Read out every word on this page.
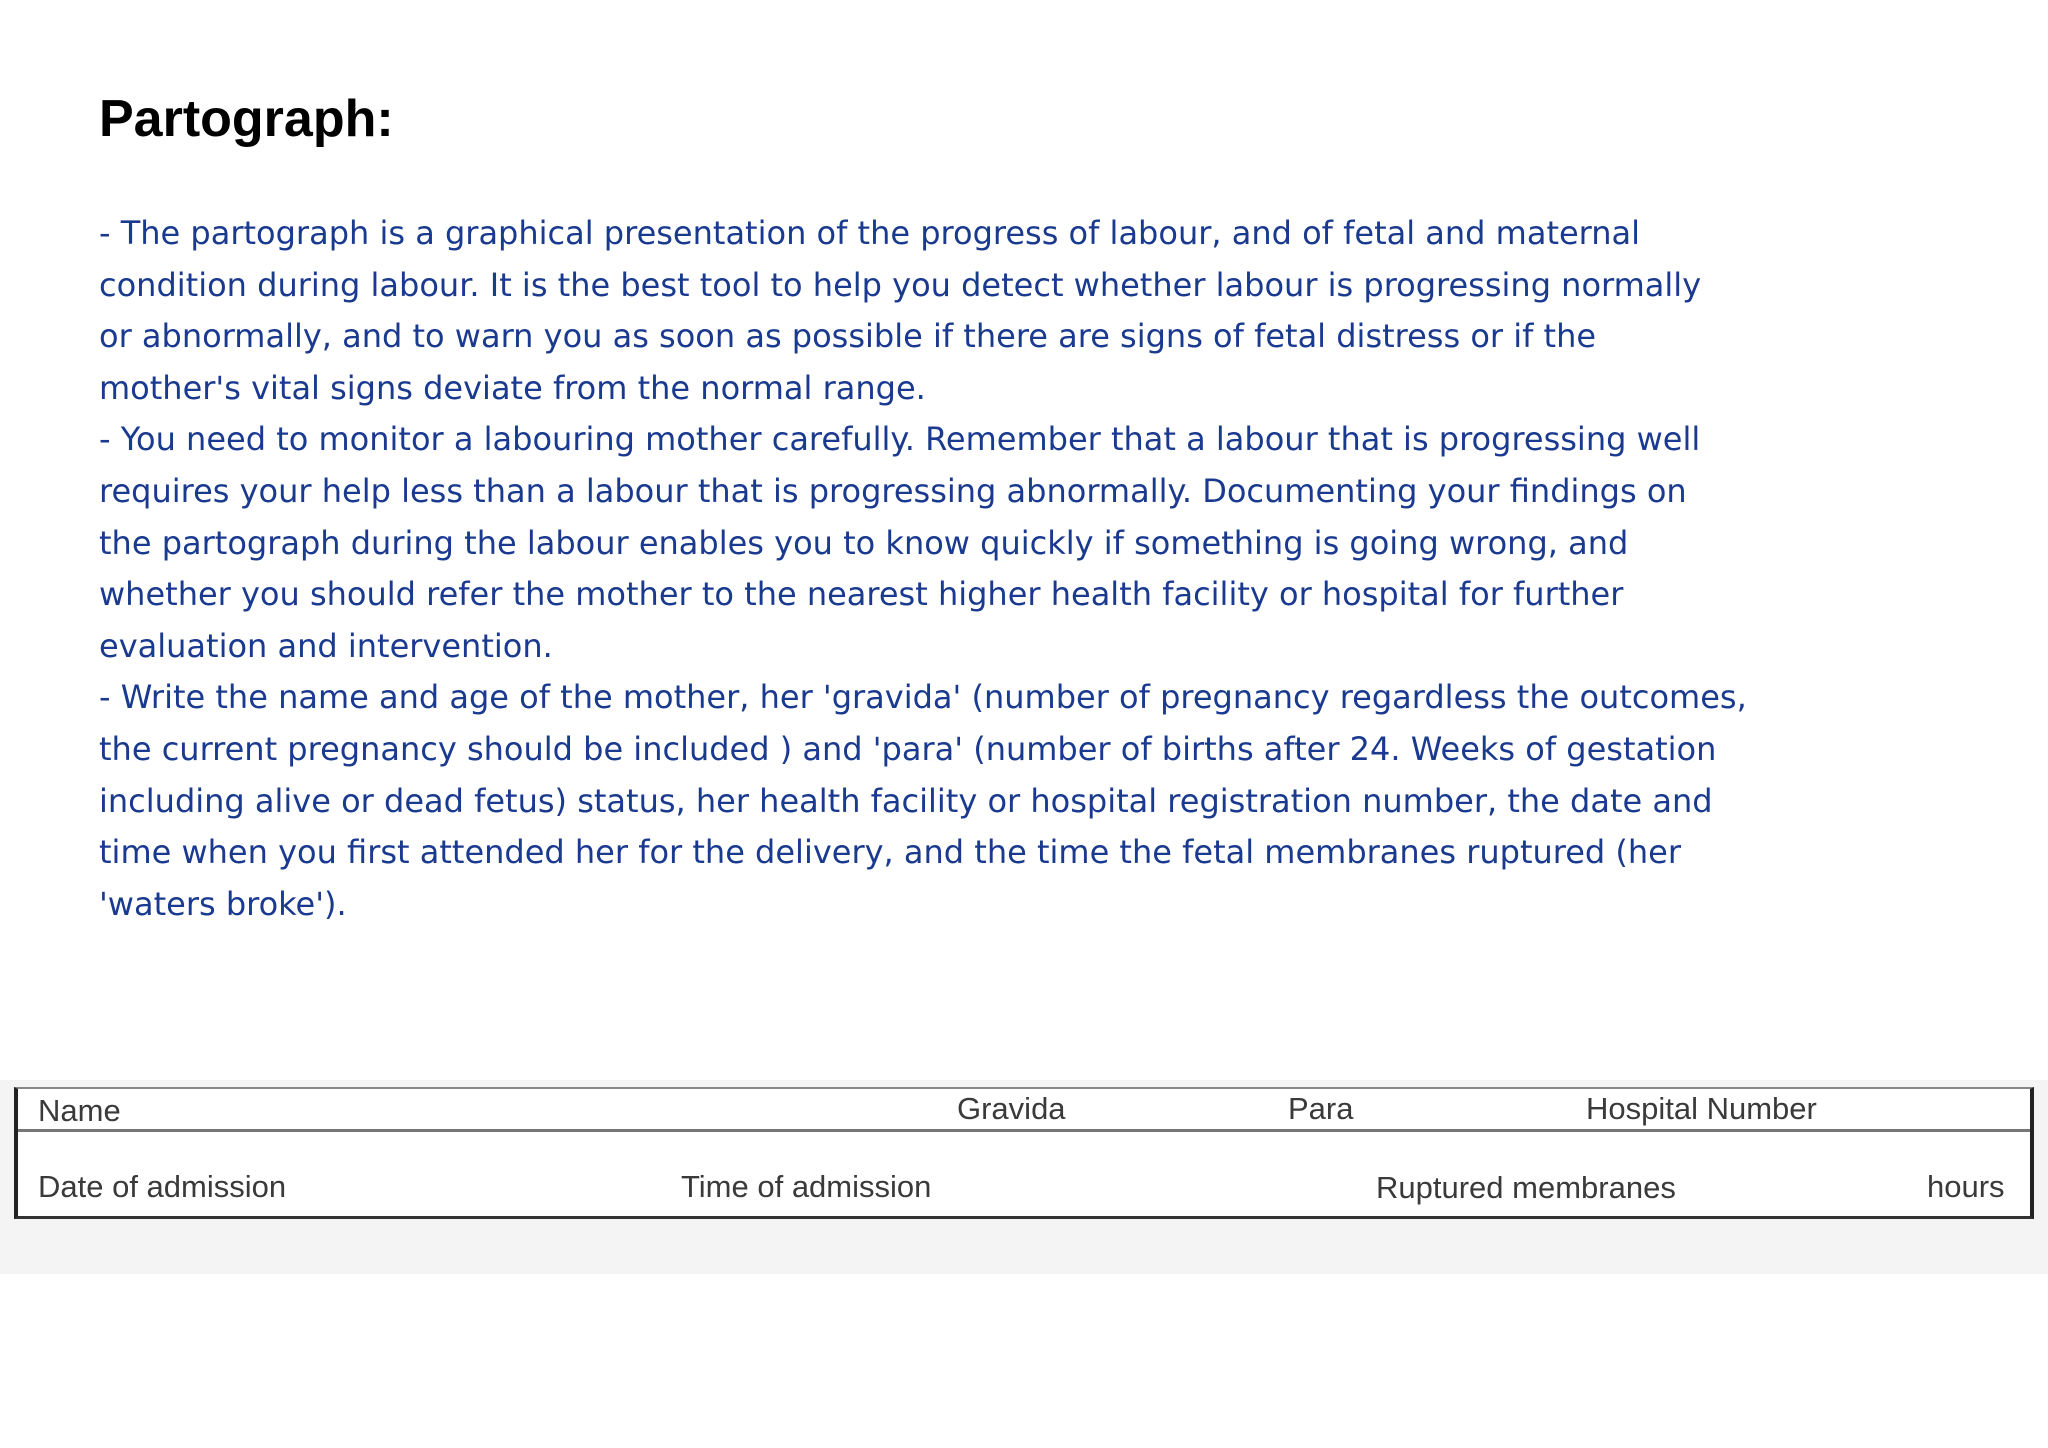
Partograph:
- The partograph is a graphical presentation of the progress of labour, and of fetal and maternal
condition during labour. It is the best tool to help you detect whether labour is progressing normally
or abnormally, and to warn you as soon as possible if there are signs of fetal distress or if the
mother's vital signs deviate from the normal range.
- You need to monitor a labouring mother carefully. Remember that a labour that is progressing well
requires your help less than a labour that is progressing abnormally. Documenting your findings on
the partograph during the labour enables you to know quickly if something is going wrong, and
whether you should refer the mother to the nearest higher health facility or hospital for further
evaluation and intervention.
- Write the name and age of the mother, her 'gravida' (number of pregnancy regardless the outcomes,
the current pregnancy should be included ) and 'para' (number of births after 24. Weeks of gestation
including alive or dead fetus) status, her health facility or hospital registration number, the date and
time when you first attended her for the delivery, and the time the fetal membranes ruptured (her
'waters broke').
Name	Gravida	Para	Hospital Number
Date of admission	Time of admission	Ruptured membranes	hours
